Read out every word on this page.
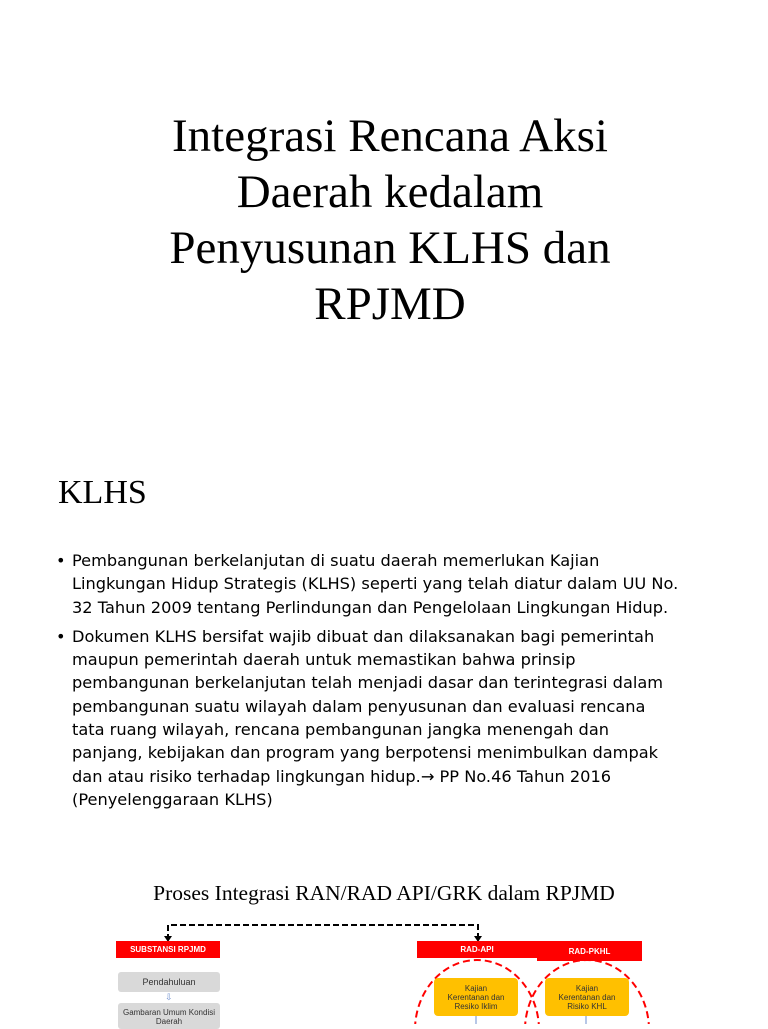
Integrasi Rencana Aksi
Daerah kedalam
Penyusunan KLHS dan
RPJMD
KLHS
• Pembangunan berkelanjutan di suatu daerah memerlukan Kajian
Lingkungan Hidup Strategis (KLHS) seperti yang telah diatur dalam UU No.
32 Tahun 2009 tentang Perlindungan dan Pengelolaan Lingkungan Hidup.
• Dokumen KLHS bersifat wajib dibuat dan dilaksanakan bagi pemerintah
maupun pemerintah daerah untuk memastikan bahwa prinsip
pembangunan berkelanjutan telah menjadi dasar dan terintegrasi dalam
pembangunan suatu wilayah dalam penyusunan dan evaluasi rencana
tata ruang wilayah, rencana pembangunan jangka menengah dan
panjang, kebijakan dan program yang berpotensi menimbulkan dampak
dan atau risiko terhadap lingkungan hidup.→ PP No.46 Tahun 2016
(Penyelenggaraan KLHS)
Proses Integrasi RAN/RAD API/GRK dalam RPJMD
SUBSTANSI RPJMD
Pendahuluan
⇩
Gambaran Umum Kondisi Daerah
RAD-API	RAD-PKHL
Kajian Kerentanan dan Resiko Iklim
Kajian Kerentanan dan Risiko KHL
